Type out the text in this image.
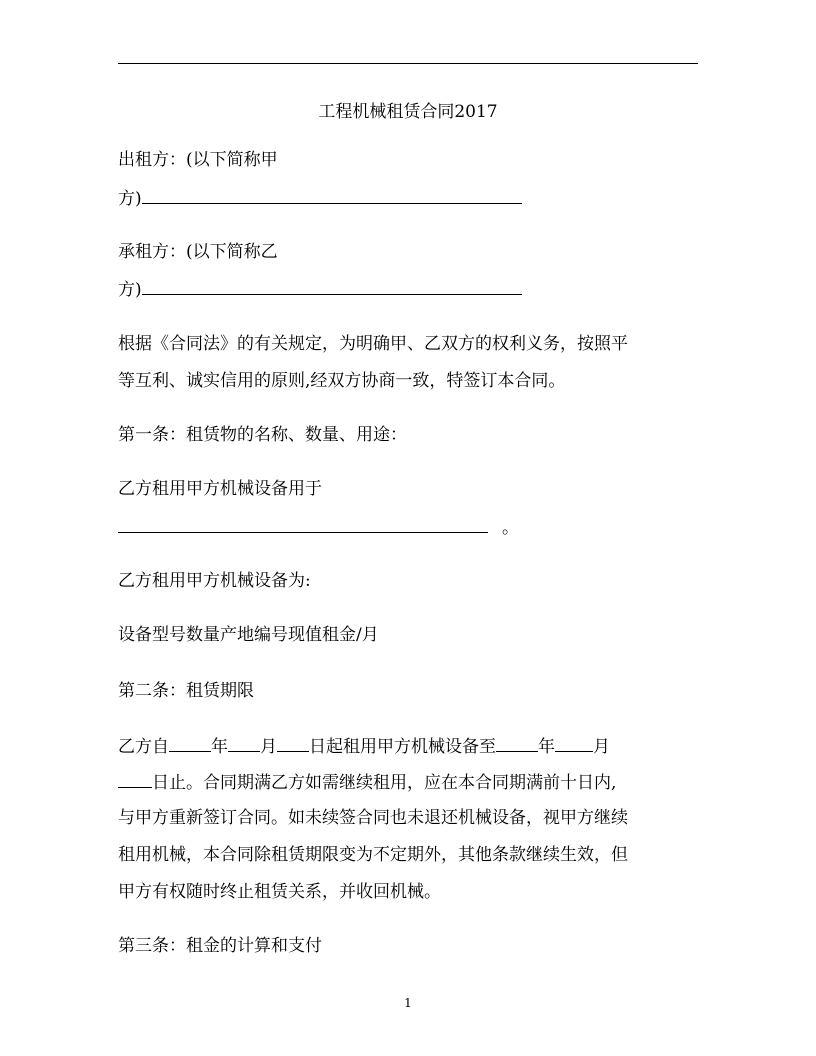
工程机械租赁合同2017
出租方：(以下简称甲
方)
承租方：(以下简称乙
方)
根据《合同法》的有关规定，为明确甲、乙双方的权利义务，按照平
等互利、诚实信用的原则,经双方协商一致，特签订本合同。
第一条：租赁物的名称、数量、用途：
乙方租用甲方机械设备用于
。
乙方租用甲方机械设备为:
设备型号数量产地编号现值租金/月
第二条：租赁期限
乙方自 年 月 日起租用甲方机械设备至 年 月
日止。合同期满乙方如需继续租用，应在本合同期满前十日内,
与甲方重新签订合同。如未续签合同也未退还机械设备，视甲方继续
租用机械，本合同除租赁期限变为不定期外，其他条款继续生效，但
甲方有权随时终止租赁关系，并收回机械。
第三条：租金的计算和支付
1
